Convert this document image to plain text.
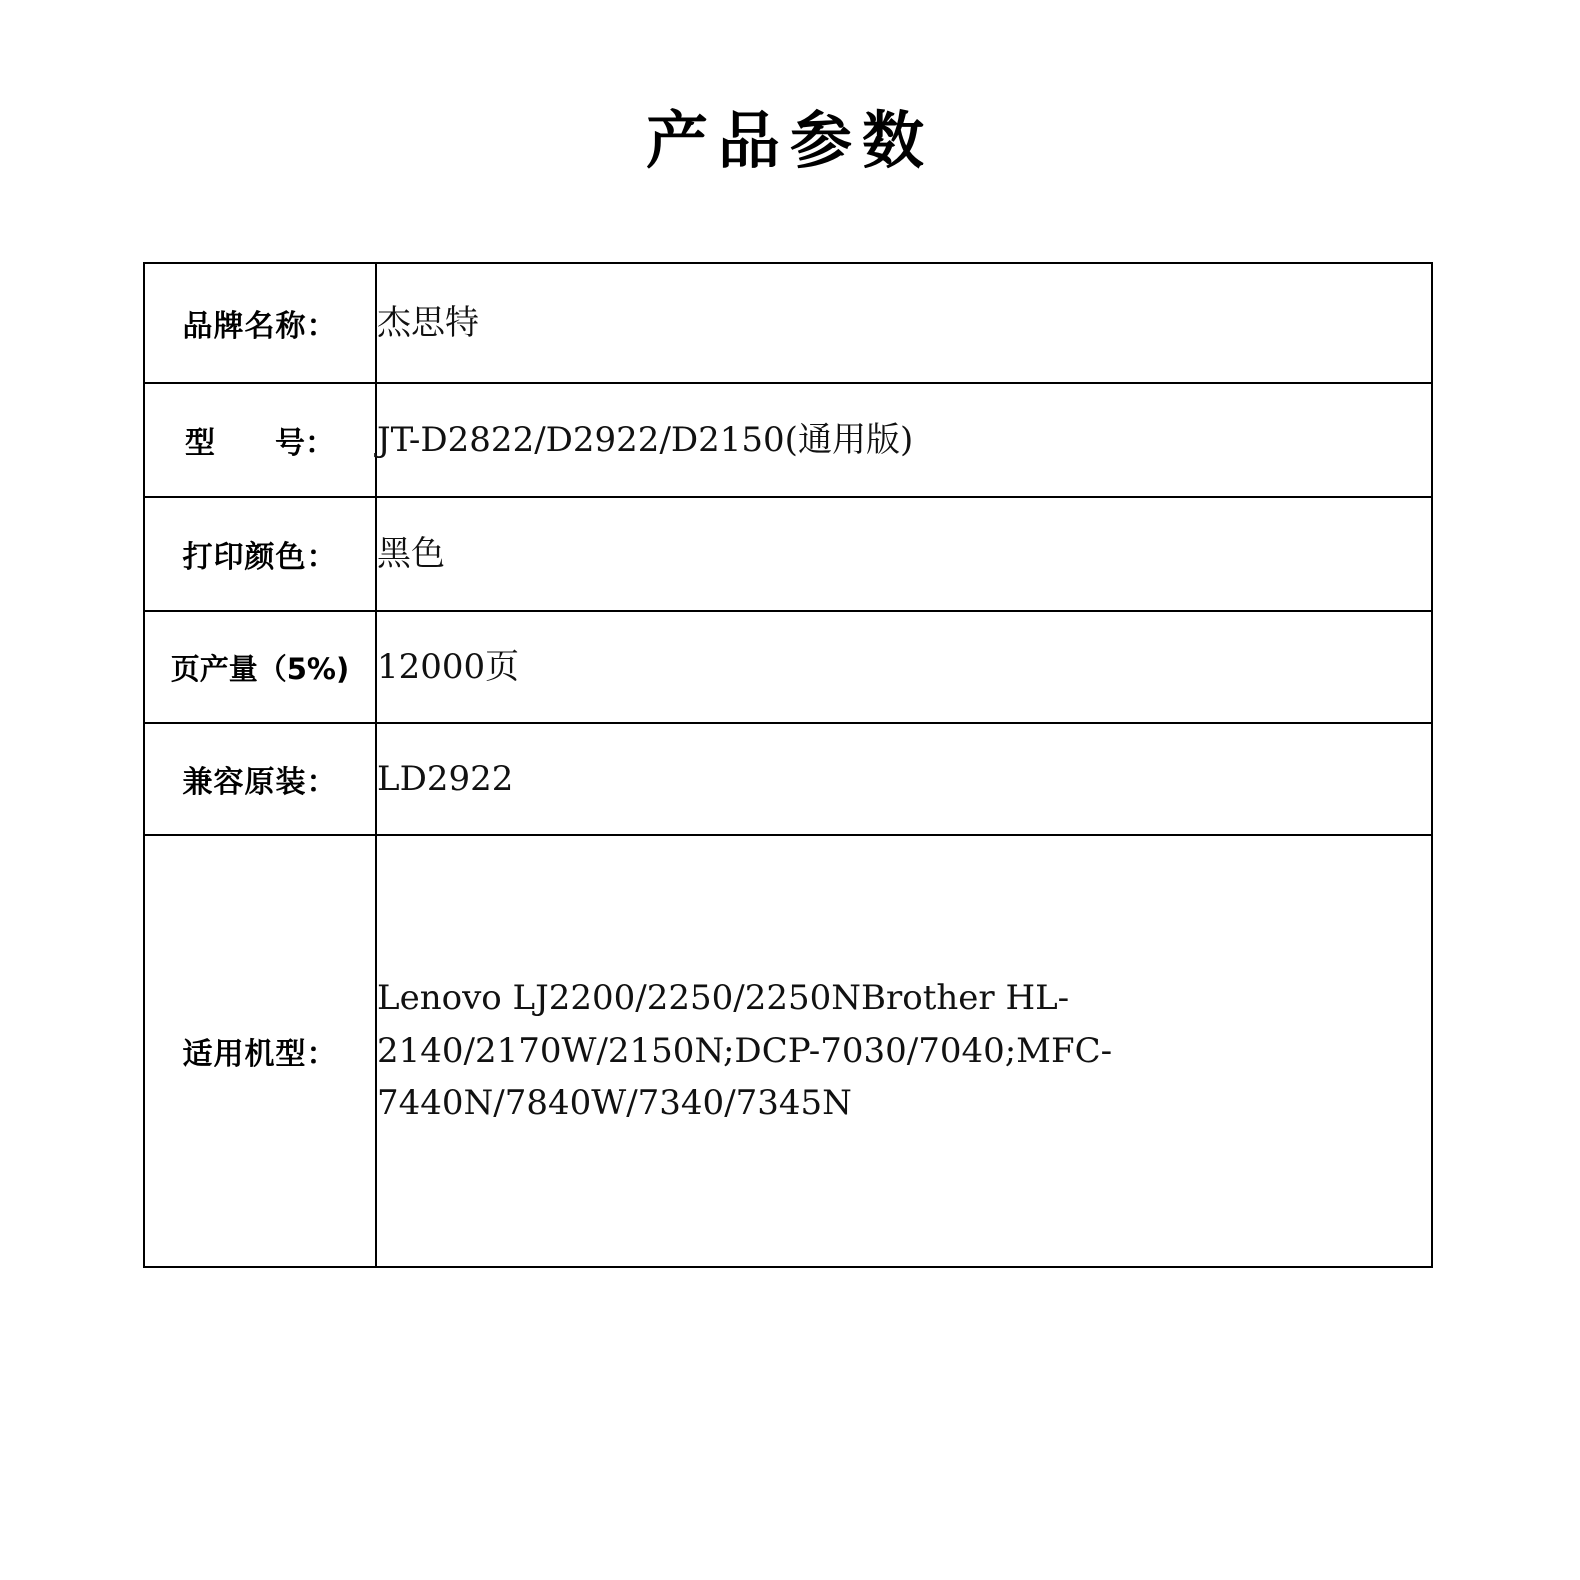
产品参数
品牌名称：	杰思特
型　　号：	JT-D2822/D2922/D2150(通用版)
打印颜色：	黑色
页产量（5%)	12000页
兼容原装：	LD2922
适用机型：	Lenovo LJ2200/2250/2250NBrother HL-2140/2170W/2150N;DCP-7030/7040;MFC-7440N/7840W/7340/7345N
